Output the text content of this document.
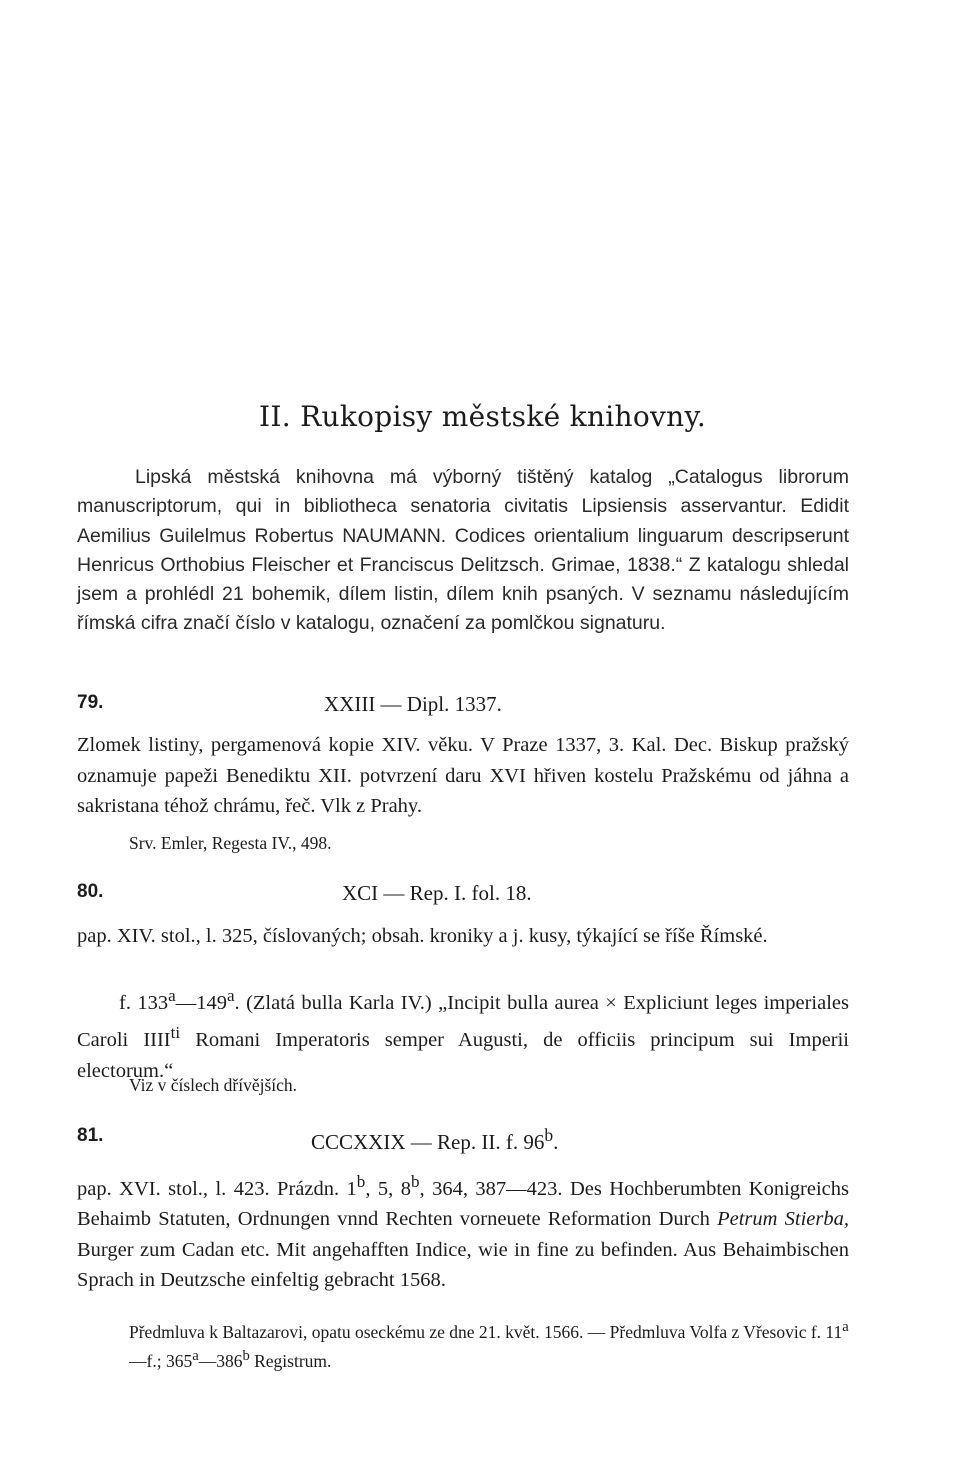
II. Rukopisy městské knihovny.

Lipská městská knihovna má výborný tištěný katalog „Catalogus librorum manuscriptorum, qui in bibliotheca senatoria civitatis Lipsiensis asservantur. Edidit Aemilius Guilelmus Robertus NAUMANN. Codices orientalium linguarum descripserunt Henricus Orthobius Fleischer et Franciscus Delitzsch. Grimae, 1838.“ Z katalogu shledal jsem a prohlédl 21 bohemik, dílem listin, dílem knih psaných. V seznamu následujícím římská cifra značí číslo v katalogu, označení za pomlčkou signaturu.

79.	XXIII — Dipl. 1337.

Zlomek listiny, pergamenová kopie XIV. věku. V Praze 1337, 3. Kal. Dec. Biskup pražský oznamuje papeži Benediktu XII. potvrzení daru XVI hřiven kostelu Pražskému od jáhna a sakristana téhož chrámu, řeč. Vlk z Prahy.

Srv. Emler, Regesta IV., 498.

80.	XCI — Rep. I. fol. 18.

pap. XIV. stol., l. 325, číslovaných; obsah. kroniky a j. kusy, týkající se říše Římské.

f. 133$^a$—149$^a$. (Zlatá bulla Karla IV.) „Incipit bulla aurea × Expliciunt leges imperiales Caroli $IIII^{ti}$ Romani Imperatoris semper Augusti, de officiis principum sui Imperii electorum.“

Viz v číslech dřívějších.

81.	CCCXXIX — Rep. II. f. 96$^b$.

pap. XVI. stol., l. 423. Prázdn. 1$^b$, 5, 8$^b$, 364, 387—423. Des Hochberumbten Konigreichs Behaimb Statuten, Ordnungen vnnd Rechten vorneuete Reformation Durch Petrum Stierba, Burger zum Cadan etc. Mit angehafften Indice, wie in fine zu befinden. Aus Behaimbischen Sprach in Deutzsche einfeltig gebracht 1568.

Předmluva k Baltazarovi, opatu oseckému ze dne 21. květ. 1566. — Předmluva Volfa z Vřesovic f. 11$^a$—f.; 365$^a$—386$^b$ Registrum.
